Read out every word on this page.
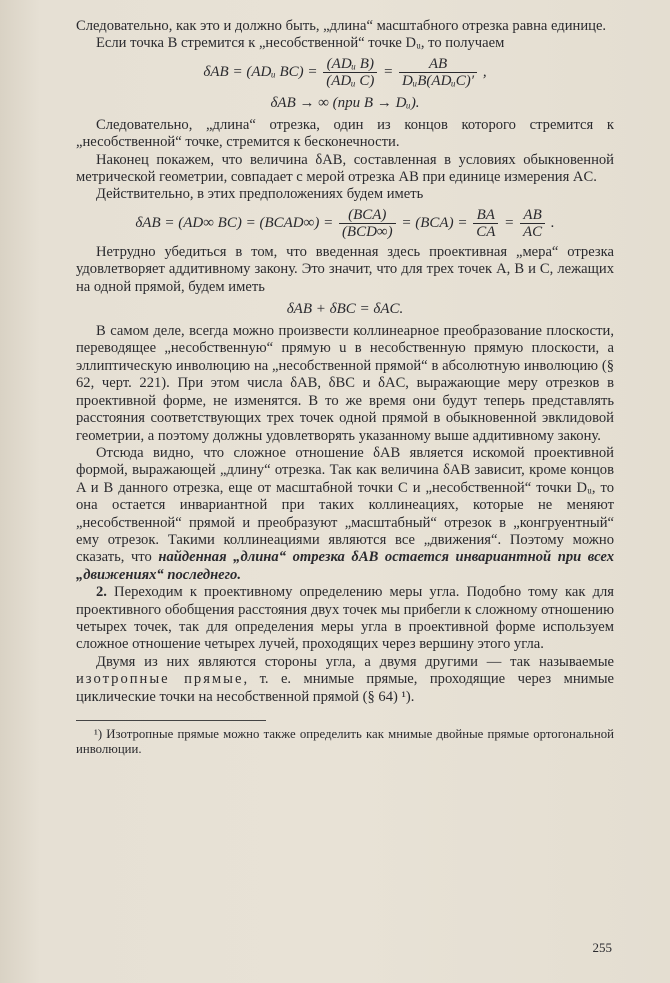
Следовательно, как это и должно быть, „длина“ масштабного отрезка равна единице.

Если точка B стремится к „несобственной“ точке Dᵤ, то получаем

δAB = (ADᵤ $BC) = \frac{\text{(ADᵤ B)}}{\text{(ADᵤ C)}} = \frac{AB}{\text{DᵤB(ADᵤC)′}}$ ,
δAB → ∞ (при B → Dᵤ).

Следовательно, „длина“ отрезка, один из концов которого стремится к „несобственной“ точке, стремится к бесконечности.

Наконец покажем, что величина δAB, составленная в условиях обыкновенной метрической геометрии, совпадает с мерой отрезка AB при единице измерения AC.

Действительно, в этих предположениях будем иметь

δAB = (AD∞ BC) = (BCAD∞) = $\frac{\text{(BCA)}}{\text{(BCD∞)}} = (BCA) = \frac{BA}{CA} = \frac{AB}{AC}$ .

Нетрудно убедиться в том, что введенная здесь проективная „мера“ отрезка удовлетворяет аддитивному закону. Это значит, что для трех точек A, B и C, лежащих на одной прямой, будем иметь

δAB + δBC = δAC.

В самом деле, всегда можно произвести коллинеарное преобразование плоскости, переводящее „несобственную“ прямую u в несобственную прямую плоскости, а эллиптическую инволюцию на „несобственной прямой“ в абсолютную инволюцию (§ 62, черт. 221). При этом числа δAB, δBC и δAC, выражающие меру отрезков в проективной форме, не изменятся. В то же время они будут теперь представлять расстояния соответствующих трех точек одной прямой в обыкновенной эвклидовой геометрии, а поэтому должны удовлетворять указанному выше аддитивному закону.

Отсюда видно, что сложное отношение δAB является искомой проективной формой, выражающей „длину“ отрезка. Так как величина δAB зависит, кроме концов A и B данного отрезка, еще от масштабной точки C и „несобственной“ точки Dᵤ, то она остается инвариантной при таких коллинеациях, которые не меняют „несобственной“ прямой и преобразуют „масштабный“ отрезок в „конгруентный“ ему отрезок. Такими коллинеациями являются все „движения“. Поэтому можно сказать, что найденная „длина“ отрезка δAB остается инвариантной при всех „движениях“ последнего.

2. Переходим к проективному определению меры угла. Подобно тому как для проективного обобщения расстояния двух точек мы прибегли к сложному отношению четырех точек, так для определения меры угла в проективной форме используем сложное отношение четырех лучей, проходящих через вершину этого угла.

Двумя из них являются стороны угла, а двумя другими — так называемые изотропные прямые, т. е. мнимые прямые, проходящие через мнимые циклические точки на несобственной прямой (§ 64) ¹).

¹) Изотропные прямые можно также определить как мнимые двойные прямые ортогональной инволюции.

255
